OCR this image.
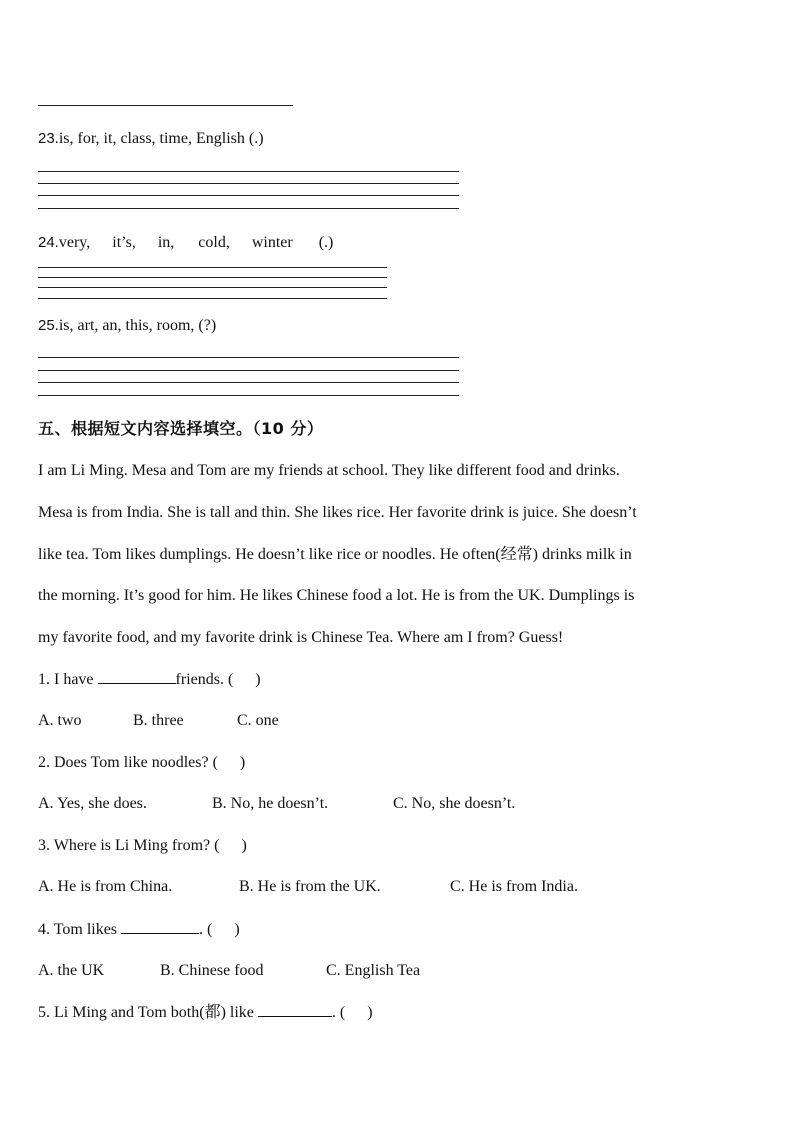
23.is, for, it, class, time, English (.)
24.very, it’s, in, cold, winter (.)
25.is, art, an, this, room, (?)
五、根据短文内容选择填空。（10 分）
I am Li Ming. Mesa and Tom are my friends at school. They like different food and drinks.
Mesa is from India. She is tall and thin. She likes rice. Her favorite drink is juice. She doesn’t
like tea. Tom likes dumplings. He doesn’t like rice or noodles. He often(经常) drinks milk in
the morning. It’s good for him. He likes Chinese food a lot. He is from the UK. Dumplings is
my favorite food, and my favorite drink is Chinese Tea. Where am I from? Guess!
1. I have	friends. ( )
A. two	B. three	C. one
2. Does Tom like noodles? ( )
A. Yes, she does.	B. No, he doesn’t.	C. No, she doesn’t.
3. Where is Li Ming from? ( )
A. He is from China.	B. He is from the UK.	C. He is from India.
4. Tom likes	. ( )
A. the UK	B. Chinese food	C. English Tea
5. Li Ming and Tom both(都) like	. ( )
